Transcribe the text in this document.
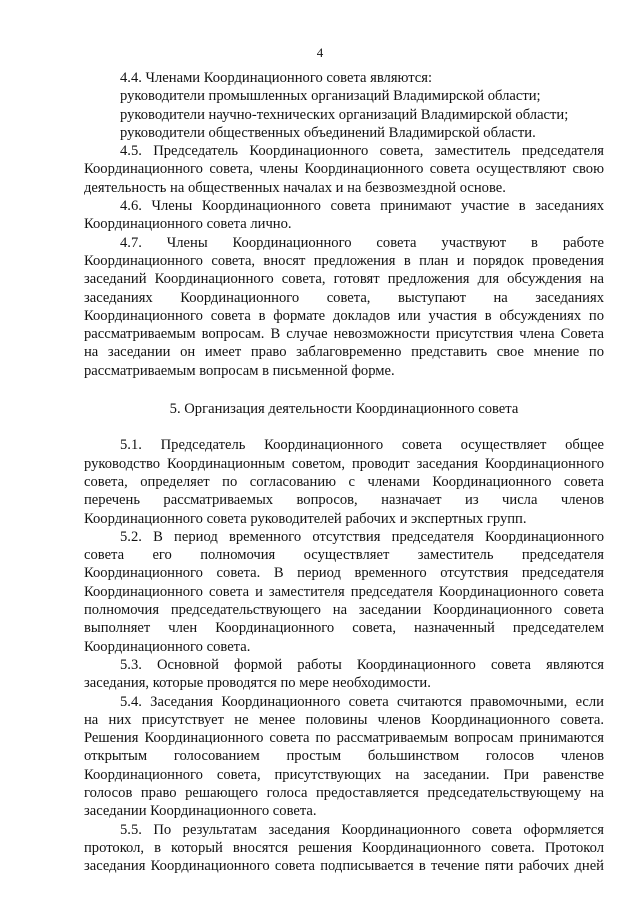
4
4.4. Членами Координационного совета являются:
руководители промышленных организаций Владимирской области;
руководители научно-технических организаций Владимирской области;
руководители общественных объединений Владимирской области.
4.5. Председатель Координационного совета, заместитель председателя
Координационного совета, члены Координационного совета осуществляют свою
деятельность на общественных началах и на безвозмездной основе.
4.6. Члены Координационного совета принимают участие в заседаниях
Координационного совета лично.
4.7. Члены Координационного совета участвуют в работе
Координационного совета, вносят предложения в план и порядок проведения
заседаний Координационного совета, готовят предложения для обсуждения на
заседаниях Координационного совета, выступают на заседаниях
Координационного совета в формате докладов или участия в обсуждениях по
рассматриваемым вопросам. В случае невозможности присутствия члена Совета
на заседании он имеет право заблаговременно представить свое мнение по
рассматриваемым вопросам в письменной форме.
5. Организация деятельности Координационного совета
5.1. Председатель Координационного совета осуществляет общее
руководство Координационным советом, проводит заседания Координационного
совета, определяет по согласованию с членами Координационного совета
перечень рассматриваемых вопросов, назначает из числа членов
Координационного совета руководителей рабочих и экспертных групп.
5.2. В период временного отсутствия председателя Координационного
совета его полномочия осуществляет заместитель председателя
Координационного совета. В период временного отсутствия председателя
Координационного совета и заместителя председателя Координационного совета
полномочия председательствующего на заседании Координационного совета
выполняет член Координационного совета, назначенный председателем
Координационного совета.
5.3. Основной формой работы Координационного совета являются
заседания, которые проводятся по мере необходимости.
5.4. Заседания Координационного совета считаются правомочными, если
на них присутствует не менее половины членов Координационного совета.
Решения Координационного совета по рассматриваемым вопросам принимаются
открытым голосованием простым большинством голосов членов
Координационного совета, присутствующих на заседании. При равенстве
голосов право решающего голоса предоставляется председательствующему на
заседании Координационного совета.
5.5. По результатам заседания Координационного совета оформляется
протокол, в который вносятся решения Координационного совета. Протокол
заседания Координационного совета подписывается в течение пяти рабочих дней
